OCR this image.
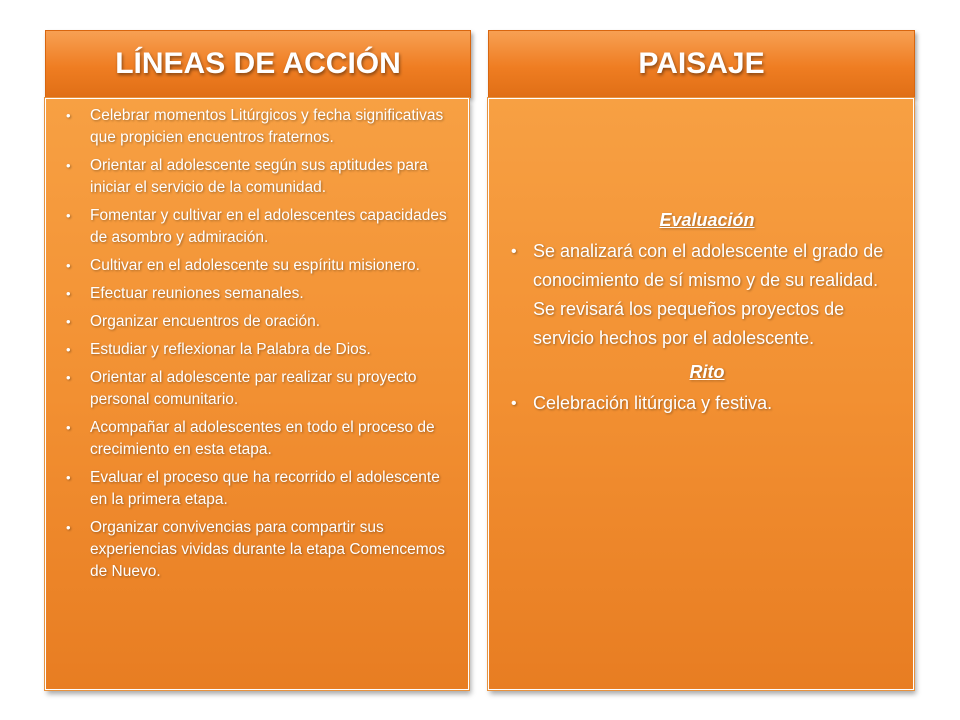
LÍNEAS DE ACCIÓN	PAISAJE
• Celebrar momentos Litúrgicos y fecha significativas que propicien encuentros fraternos.
• Orientar al adolescente según sus aptitudes para iniciar el servicio de la comunidad.
• Fomentar y cultivar en el adolescentes capacidades de asombro y admiración.
• Cultivar en el adolescente su espíritu misionero.
• Efectuar reuniones semanales.
• Organizar encuentros de oración.
• Estudiar y reflexionar la Palabra de Dios.
• Orientar al adolescente par realizar su proyecto personal comunitario.
• Acompañar al adolescentes en todo el proceso de crecimiento en esta etapa.
• Evaluar el proceso que ha recorrido el adolescente en la primera etapa.
• Organizar convivencias para compartir sus experiencias vividas durante la etapa Comencemos de Nuevo.

Evaluación

• Se analizará con el adolescente el grado de conocimiento de sí mismo y de su realidad. Se revisará los pequeños proyectos de servicio hechos por el adolescente.

Rito

• Celebración litúrgica y festiva.
